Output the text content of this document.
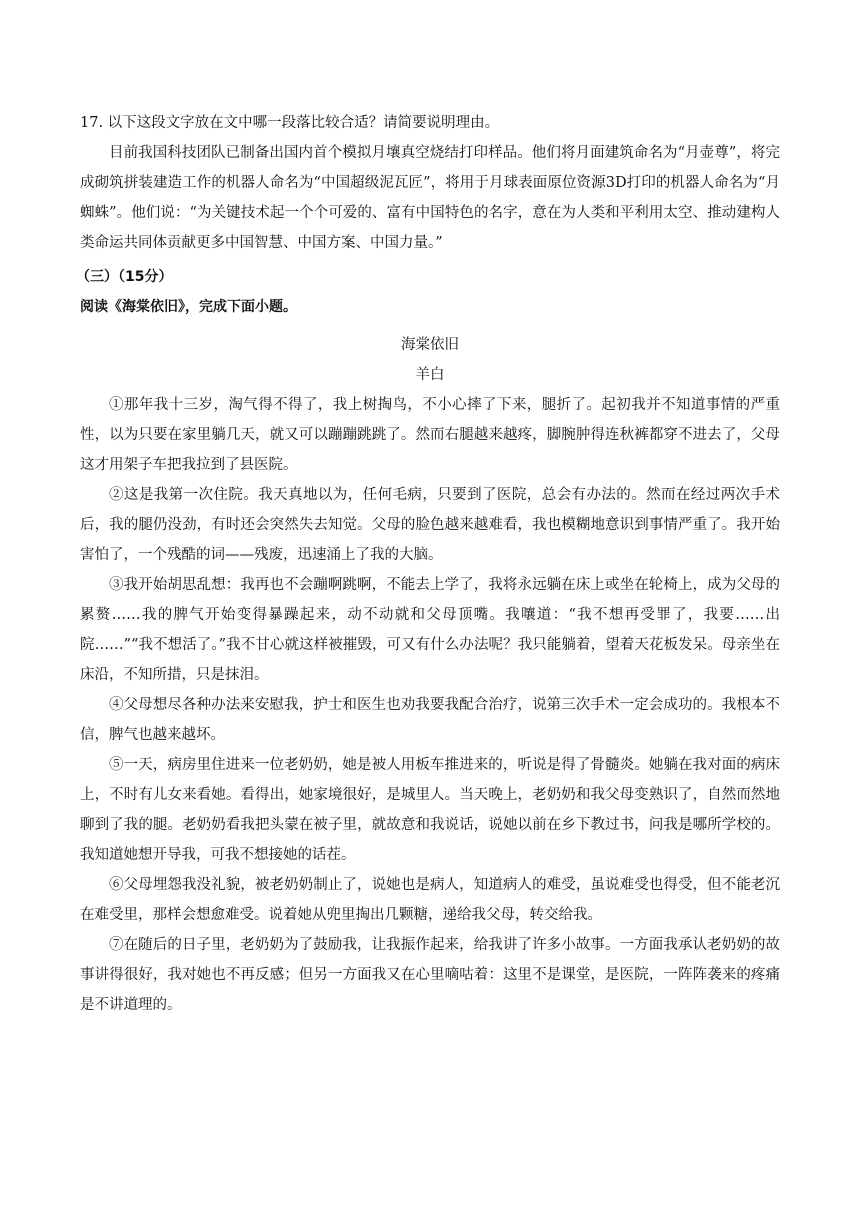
17. 以下这段文字放在文中哪一段落比较合适？请简要说明理由。

目前我国科技团队已制备出国内首个模拟月壤真空烧结打印样品。他们将月面建筑命名为“月壶尊”，将完成砌筑拼装建造工作的机器人命名为“中国超级泥瓦匠”，将用于月球表面原位资源3D打印的机器人命名为“月蜘蛛”。他们说：“为关键技术起一个个可爱的、富有中国特色的名字，意在为人类和平利用太空、推动建构人类命运共同体贡献更多中国智慧、中国方案、中国力量。”

（三）（15分）

阅读《海棠依旧》，完成下面小题。

海棠依旧

羊白

①那年我十三岁，淘气得不得了，我上树掏鸟，不小心摔了下来，腿折了。起初我并不知道事情的严重性，以为只要在家里躺几天，就又可以蹦蹦跳跳了。然而右腿越来越疼，脚腕肿得连秋裤都穿不进去了，父母这才用架子车把我拉到了县医院。

②这是我第一次住院。我天真地以为，任何毛病，只要到了医院，总会有办法的。然而在经过两次手术后，我的腿仍没劲，有时还会突然失去知觉。父母的脸色越来越难看，我也模糊地意识到事情严重了。我开始害怕了，一个残酷的词——残废，迅速涌上了我的大脑。

③我开始胡思乱想：我再也不会蹦啊跳啊，不能去上学了，我将永远躺在床上或坐在轮椅上，成为父母的累赘……我的脾气开始变得暴躁起来，动不动就和父母顶嘴。我嚷道：“我不想再受罪了，我要……出院……”“我不想活了。”我不甘心就这样被摧毁，可又有什么办法呢？我只能躺着，望着天花板发呆。母亲坐在床沿，不知所措，只是抹泪。

④父母想尽各种办法来安慰我，护士和医生也劝我要我配合治疗，说第三次手术一定会成功的。我根本不信，脾气也越来越坏。

⑤一天，病房里住进来一位老奶奶，她是被人用板车推进来的，听说是得了骨髓炎。她躺在我对面的病床上，不时有儿女来看她。看得出，她家境很好，是城里人。当天晚上，老奶奶和我父母变熟识了，自然而然地聊到了我的腿。老奶奶看我把头蒙在被子里，就故意和我说话，说她以前在乡下教过书，问我是哪所学校的。我知道她想开导我，可我不想接她的话茬。

⑥父母埋怨我没礼貌，被老奶奶制止了，说她也是病人，知道病人的难受，虽说难受也得受，但不能老沉在难受里，那样会想愈难受。说着她从兜里掏出几颗糖，递给我父母，转交给我。

⑦在随后的日子里，老奶奶为了鼓励我，让我振作起来，给我讲了许多小故事。一方面我承认老奶奶的故事讲得很好，我对她也不再反感；但另一方面我又在心里嘀咕着：这里不是课堂，是医院，一阵阵袭来的疼痛是不讲道理的。
